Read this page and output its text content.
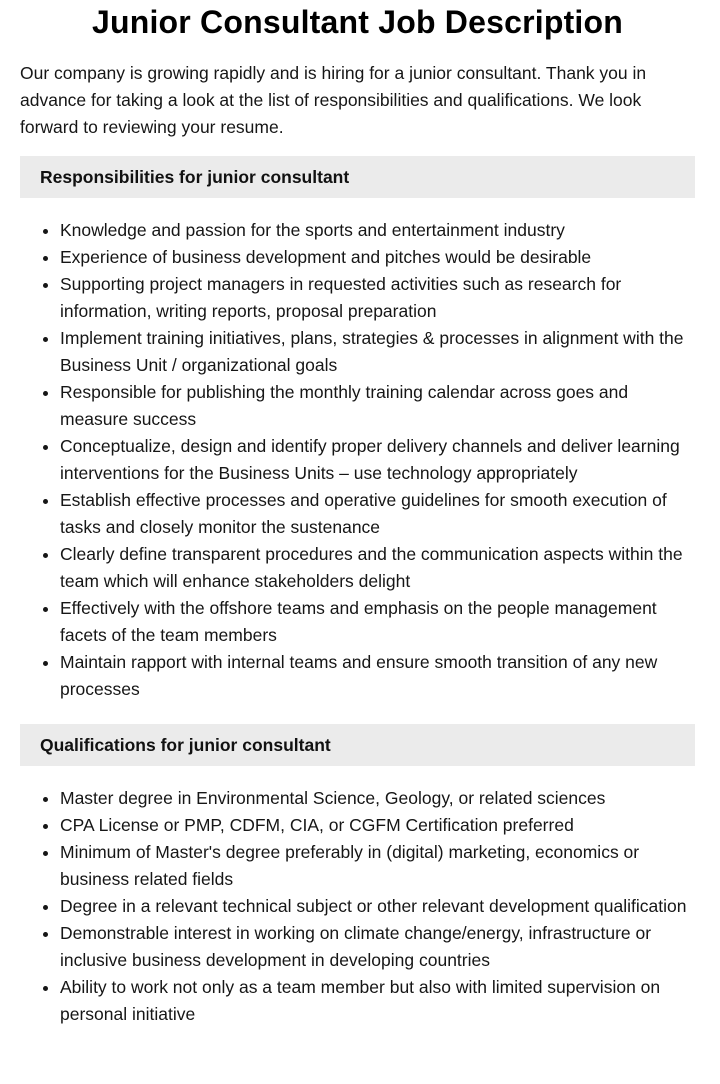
Junior Consultant Job Description

Our company is growing rapidly and is hiring for a junior consultant. Thank you in advance for taking a look at the list of responsibilities and qualifications. We look forward to reviewing your resume.

Responsibilities for junior consultant
Knowledge and passion for the sports and entertainment industry
Experience of business development and pitches would be desirable
Supporting project managers in requested activities such as research for information, writing reports, proposal preparation
Implement training initiatives, plans, strategies & processes in alignment with the Business Unit / organizational goals
Responsible for publishing the monthly training calendar across goes and measure success
Conceptualize, design and identify proper delivery channels and deliver learning interventions for the Business Units – use technology appropriately
Establish effective processes and operative guidelines for smooth execution of tasks and closely monitor the sustenance
Clearly define transparent procedures and the communication aspects within the team which will enhance stakeholders delight
Effectively with the offshore teams and emphasis on the people management facets of the team members
Maintain rapport with internal teams and ensure smooth transition of any new processes
Qualifications for junior consultant
Master degree in Environmental Science, Geology, or related sciences
CPA License or PMP, CDFM, CIA, or CGFM Certification preferred
Minimum of Master's degree preferably in (digital) marketing, economics or business related fields
Degree in a relevant technical subject or other relevant development qualification
Demonstrable interest in working on climate change/energy, infrastructure or inclusive business development in developing countries
Ability to work not only as a team member but also with limited supervision on personal initiative
